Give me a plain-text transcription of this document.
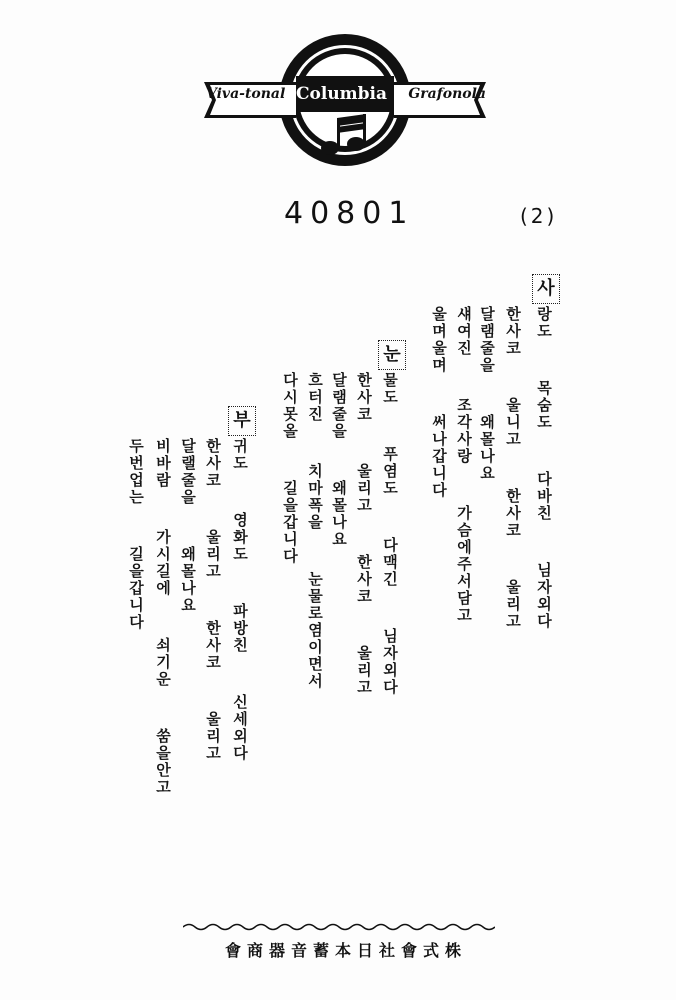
Viva-tonal Columbia Grafonola
40801	(2)
사
랑도  목숨도  다바친  님자외다
한사코  울니고  한사코  울리고
달램줄을  왜몰나요
섀여진  조각사랑  가슴에주서담고
울며울며  써나갑니다
눈
물도  푸염도  다맥긴  님자외다
한사코  울리고  한사코  울리고
달램줄을  왜몰나요
흐터진  치마폭을  눈물로염이면서
다시못올  길을갑니다
부
귀도  영화도  파방친  신세외다
한사코  울리고  한사코  울리고
달랠줄을  왜몰나요
비바람  가시길에  쇠기운  쑴을안고
두번업는  길을갑니다
會商器音蓄本日社會式株
